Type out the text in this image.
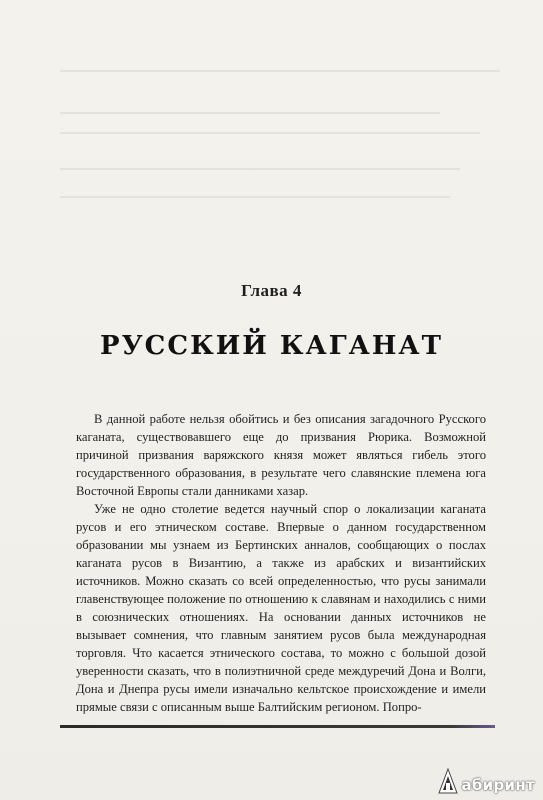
Глава 4
РУССКИЙ КАГАНАТ

В данной работе нельзя обойтись и без описания загадочного Русского каганата, существовавшего еще до призвания Рюрика. Возможной причиной призвания варяжского князя может являться гибель этого государственного образования, в результате чего славянские племена юга Восточной Европы стали данниками хазар.

Уже не одно столетие ведется научный спор о локализации каганата русов и его этническом составе. Впервые о данном государственном образовании мы узнаем из Бертинских анналов, сообщающих о послах каганата русов в Византию, а также из арабских и византийских источников. Можно сказать со всей определенностью, что русы занимали главенствующее положение по отношению к славянам и находились с ними в союзнических отношениях. На основании данных источников не вызывает сомнения, что главным занятием русов была международная торговля. Что касается этнического состава, то можно с большой дозой уверенности сказать, что в полиэтничной среде междуречий Дона и Волги, Дона и Днепра русы имели изначально кельтское происхождение и имели прямые связи с описанным выше Балтийским регионом. Попро-

абиринт
